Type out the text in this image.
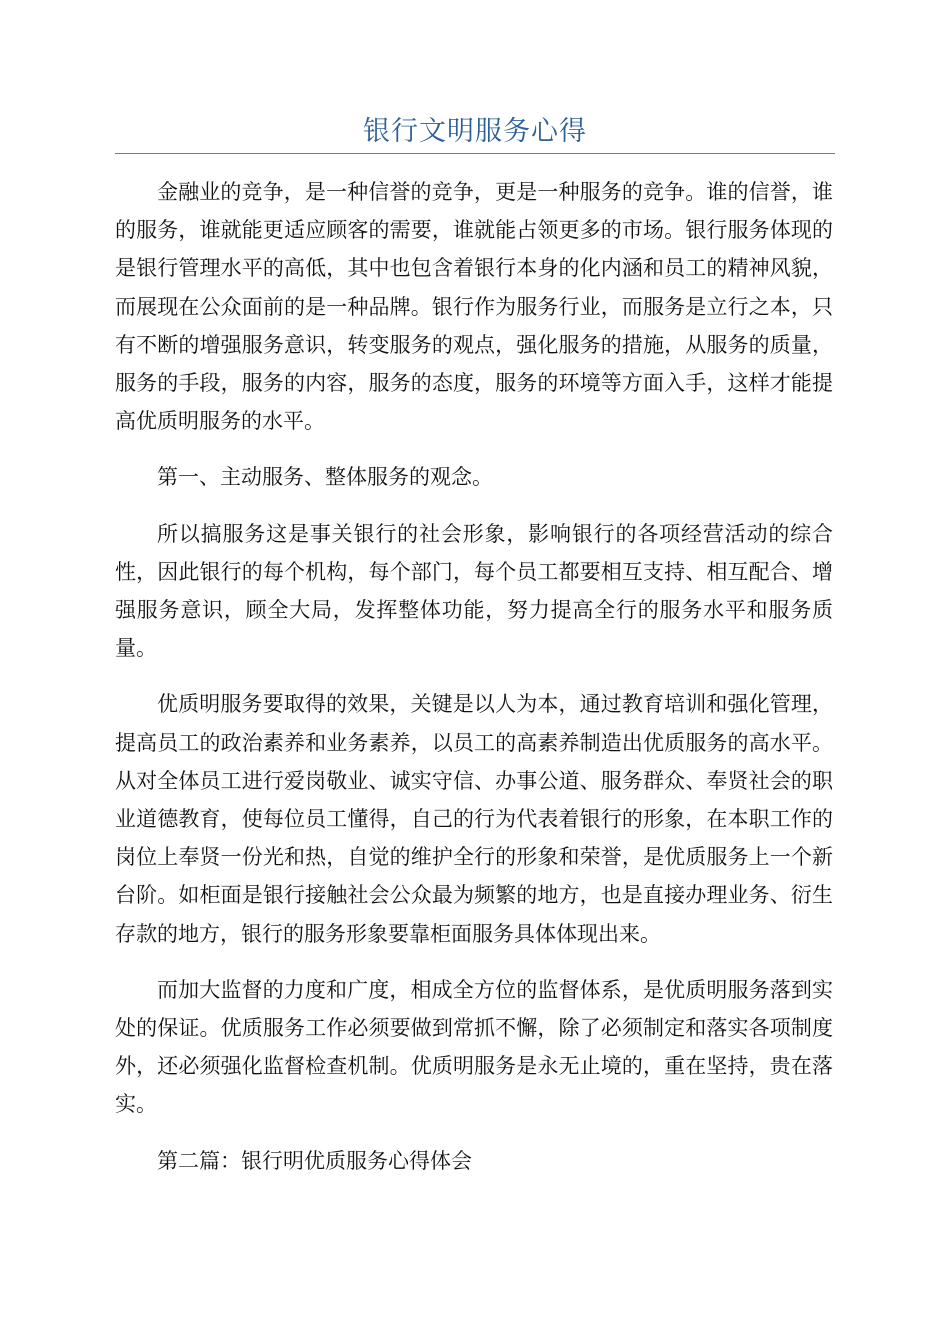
银行文明服务心得

金融业的竞争，是一种信誉的竞争，更是一种服务的竞争。谁的信誉，谁的服务，谁就能更适应顾客的需要，谁就能占领更多的市场。银行服务体现的是银行管理水平的高低，其中也包含着银行本身的化内涵和员工的精神风貌，而展现在公众面前的是一种品牌。银行作为服务行业，而服务是立行之本，只有不断的增强服务意识，转变服务的观点，强化服务的措施，从服务的质量，服务的手段，服务的内容，服务的态度，服务的环境等方面入手，这样才能提高优质明服务的水平。

第一、主动服务、整体服务的观念。

所以搞服务这是事关银行的社会形象，影响银行的各项经营活动的综合性，因此银行的每个机构，每个部门，每个员工都要相互支持、相互配合、增强服务意识，顾全大局，发挥整体功能，努力提高全行的服务水平和服务质量。

优质明服务要取得的效果，关键是以人为本，通过教育培训和强化管理，提高员工的政治素养和业务素养，以员工的高素养制造出优质服务的高水平。从对全体员工进行爱岗敬业、诚实守信、办事公道、服务群众、奉贤社会的职业道德教育，使每位员工懂得，自己的行为代表着银行的形象，在本职工作的岗位上奉贤一份光和热，自觉的维护全行的形象和荣誉，是优质服务上一个新台阶。如柜面是银行接触社会公众最为频繁的地方，也是直接办理业务、衍生存款的地方，银行的服务形象要靠柜面服务具体体现出来。

而加大监督的力度和广度，相成全方位的监督体系，是优质明服务落到实处的保证。优质服务工作必须要做到常抓不懈，除了必须制定和落实各项制度外，还必须强化监督检查机制。优质明服务是永无止境的，重在坚持，贵在落实。

第二篇：银行明优质服务心得体会
